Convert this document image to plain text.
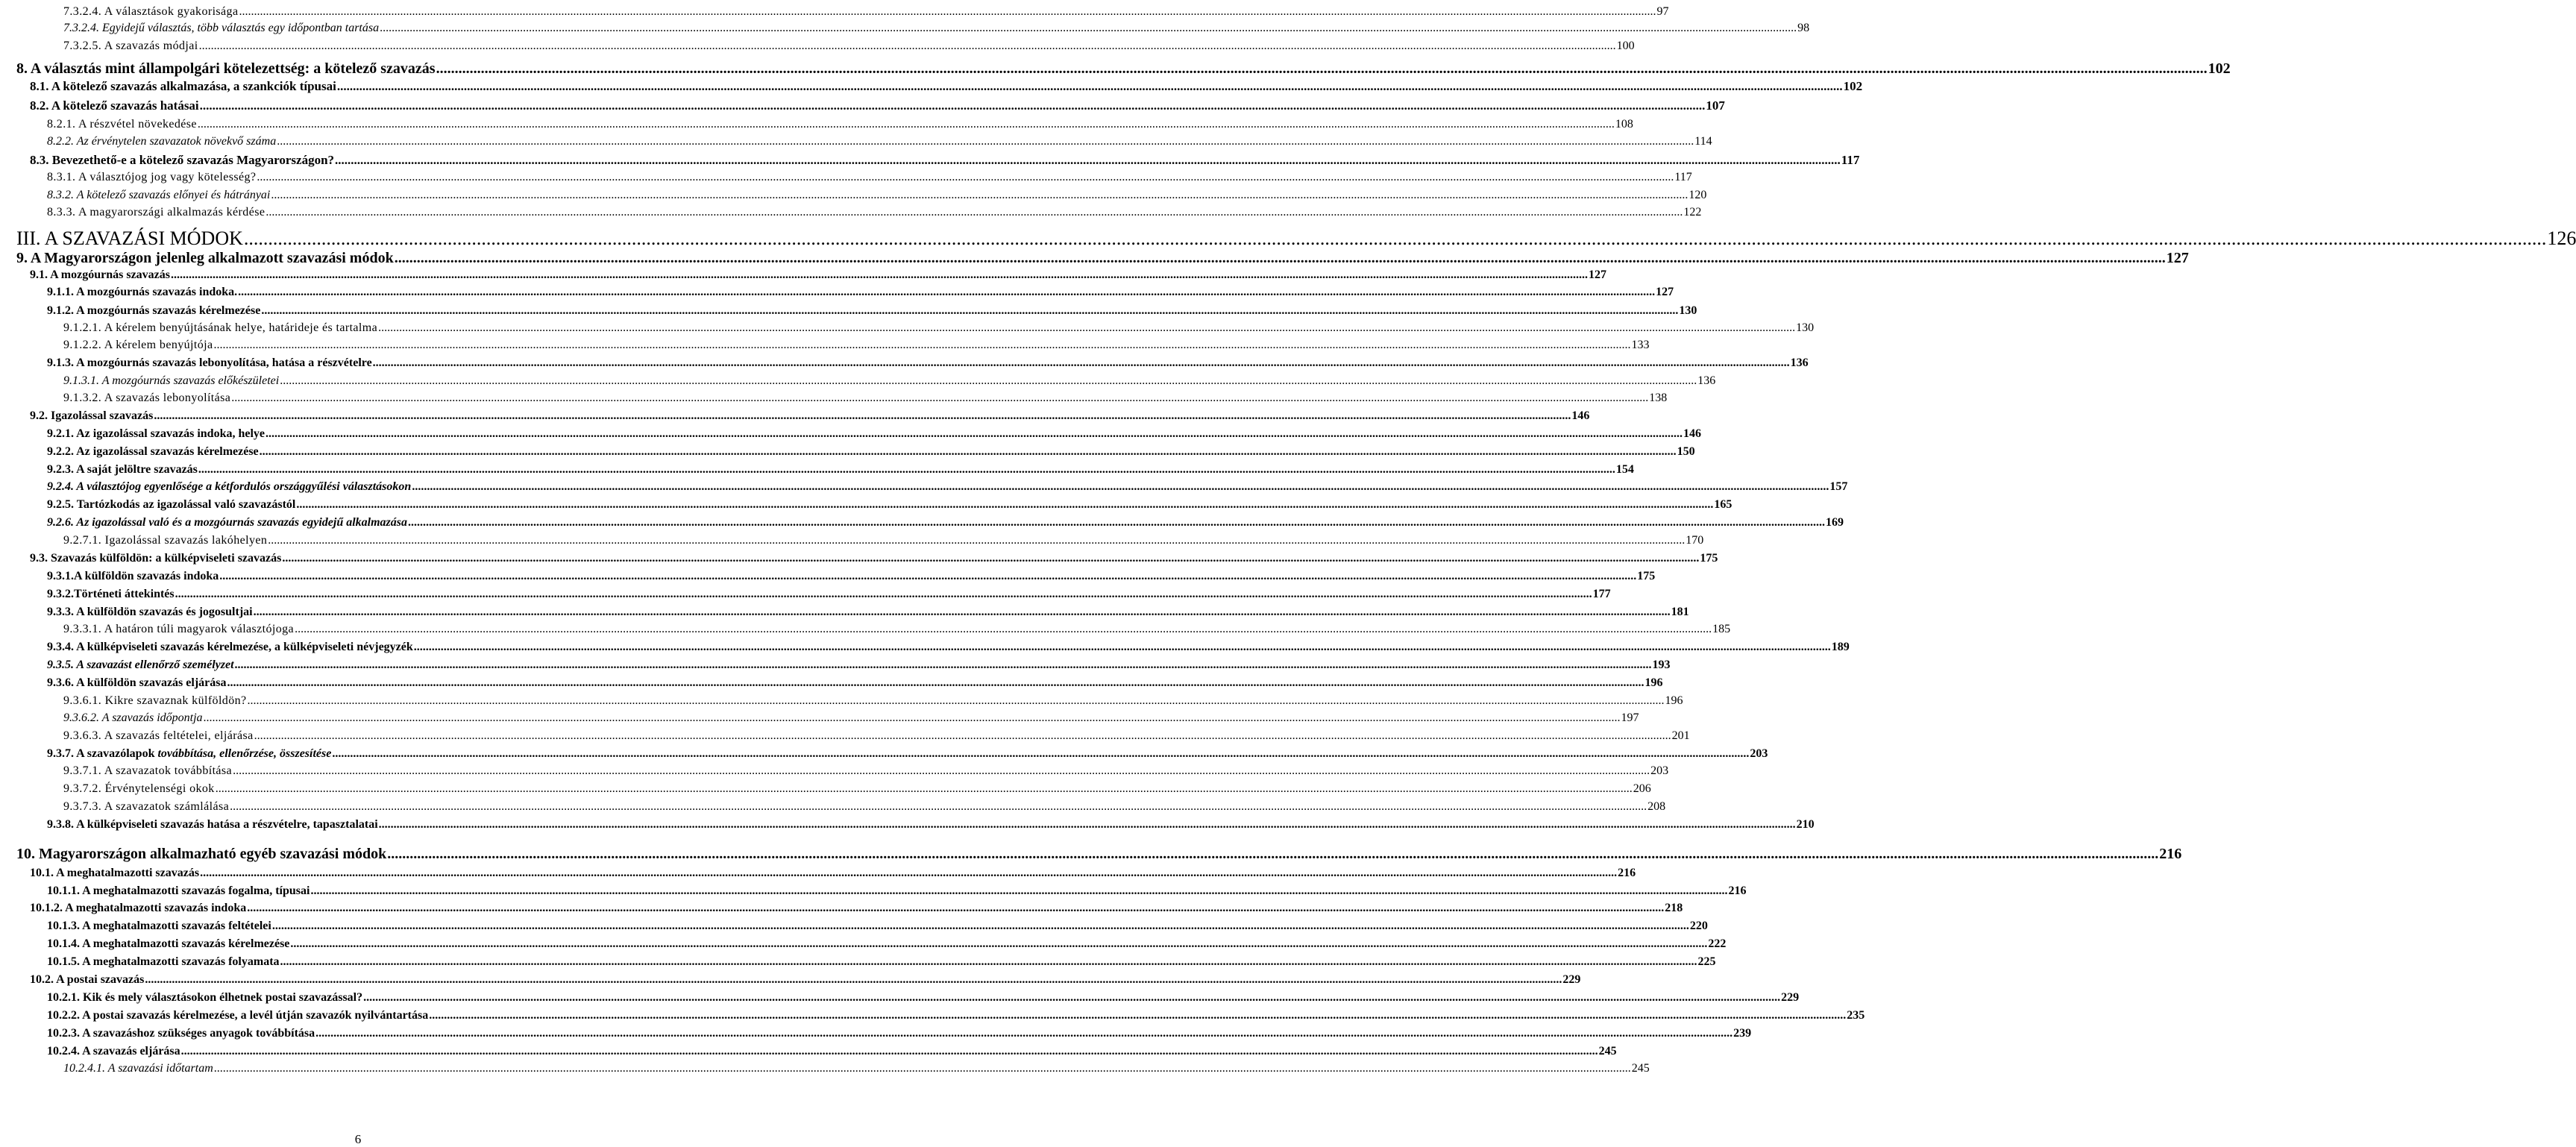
7.3.2.4. A választások gyakorisága .....	97
7.3.2.4. Egyidejű választás, több választás egy időpontban tartása .....	98
7.3.2.5. A szavazás módjai .....	100
8. A választás mint állampolgári kötelezettség: a kötelező szavazás .....	102
8.1. A kötelező szavazás alkalmazása, a szankciók típusai .....	102
8.2. A kötelező szavazás hatásai .....	107
8.2.1. A részvétel növekedése .....	108
8.2.2. Az érvénytelen szavazatok növekvő száma .....	114
8.3. Bevezethető-e a kötelező szavazás Magyarországon? .....	117
8.3.1. A választójog jog vagy kötelesség? .....	117
8.3.2. A kötelező szavazás előnyei és hátrányai .....	120
8.3.3. A magyarországi alkalmazás kérdése .....	122
III. A SZAVAZÁSI MÓDOK .....	126
9. A Magyarországon jelenleg alkalmazott szavazási módok .....	127
9.1. A mozgóurnás szavazás .....	127
9.1.1. A mozgóurnás szavazás indoka. .....	127
9.1.2. A mozgóurnás szavazás kérelmezése .....	130
9.1.2.1. A kérelem benyújtásának helye, határideje és tartalma .....	130
9.1.2.2. A kérelem benyújtója .....	133
9.1.3. A mozgóurnás szavazás lebonyolítása, hatása a részvételre .....	136
9.1.3.1. A mozgóurnás szavazás előkészületei .....	136
9.1.3.2. A szavazás lebonyolítása .....	138
9.2. Igazolással szavazás .....	146
9.2.1. Az igazolással szavazás indoka, helye .....	146
9.2.2. Az igazolással szavazás kérelmezése .....	150
9.2.3. A saját jelöltre szavazás .....	154
9.2.4. A választójog egyenlősége a kétfordulós országgyűlési választásokon .....	157
9.2.5. Tartózkodás az igazolással való szavazástól .....	165
9.2.6. Az igazolással való és a mozgóurnás szavazás egyidejű alkalmazása .....	169
9.2.7.1. Igazolással szavazás lakóhelyen .....	170
9.3. Szavazás külföldön: a külképviseleti szavazás .....	175
9.3.1.A külföldön szavazás indoka .....	175
9.3.2.Történeti áttekintés .....	177
9.3.3. A külföldön szavazás és jogosultjai .....	181
9.3.3.1. A határon túli magyarok választójoga .....	185
9.3.4. A külképviseleti szavazás kérelmezése, a külképviseleti névjegyzék .....	189
9.3.5. A szavazást ellenőrző személyzet .....	193
9.3.6. A külföldön szavazás eljárása .....	196
9.3.6.1. Kikre szavaznak külföldön? .....	196
9.3.6.2. A szavazás időpontja .....	197
9.3.6.3. A szavazás feltételei, eljárása .....	201
9.3.7. A szavazólapok továbbítása, ellenőrzése, összesítése .....	203
9.3.7.1. A szavazatok továbbítása .....	203
9.3.7.2. Érvénytelenségi okok .....	206
9.3.7.3. A szavazatok számlálása .....	208
9.3.8. A külképviseleti szavazás hatása a részvételre, tapasztalatai .....	210
10. Magyarországon alkalmazható egyéb szavazási módok .....	216
10.1. A meghatalmazotti szavazás .....	216
10.1.1. A meghatalmazotti szavazás fogalma, típusai .....	216
10.1.2. A meghatalmazotti szavazás indoka .....	218
10.1.3. A meghatalmazotti szavazás feltételei .....	220
10.1.4. A meghatalmazotti szavazás kérelmezése .....	222
10.1.5. A meghatalmazotti szavazás folyamata .....	225
10.2. A postai szavazás .....	229
10.2.1. Kik és mely választásokon élhetnek postai szavazással? .....	229
10.2.2. A postai szavazás kérelmezése, a levél útján szavazók nyilvántartása .....	235
10.2.3. A szavazáshoz szükséges anyagok továbbítása .....	239
10.2.4. A szavazás eljárása .....	245
10.2.4.1. A szavazási időtartam .....	245
6
